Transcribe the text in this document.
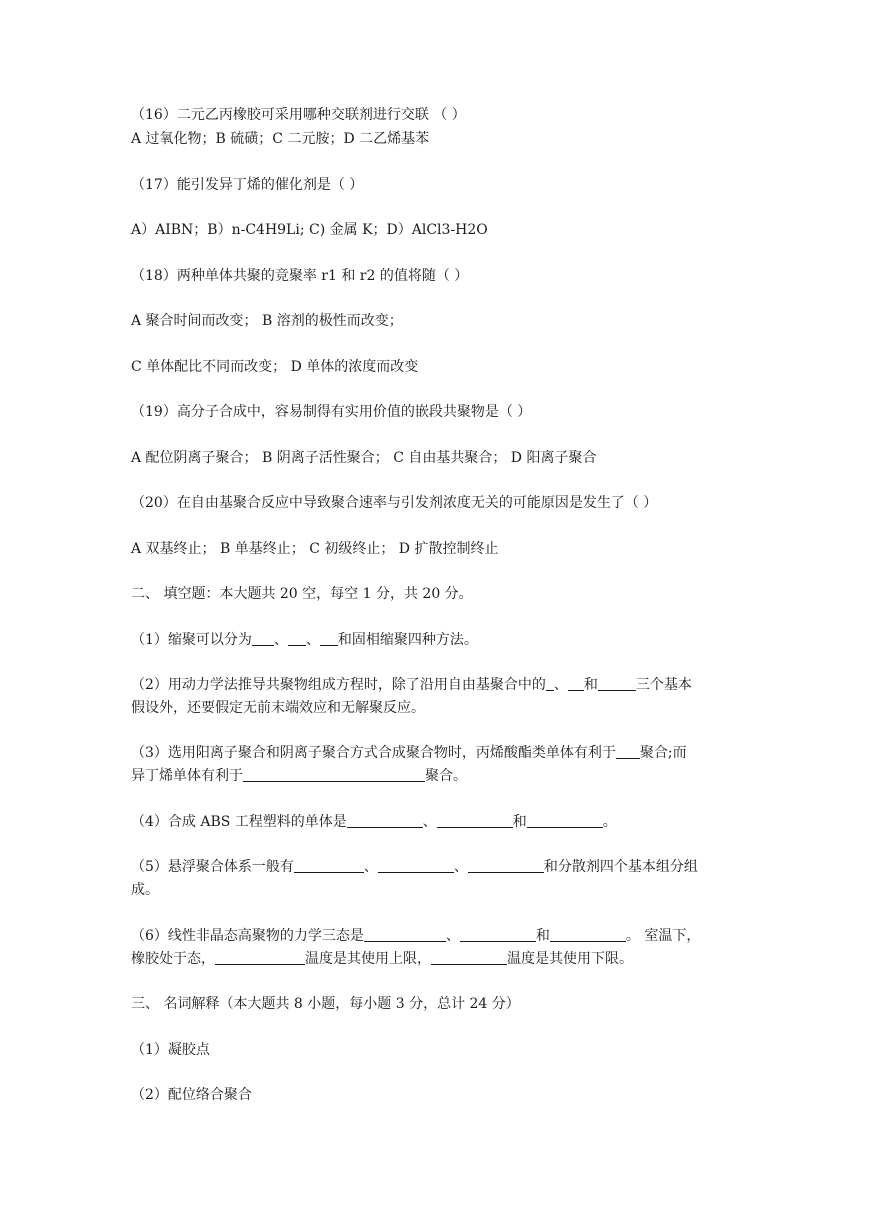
（16）二元乙丙橡胶可采用哪种交联剂进行交联 （ ）
A 过氧化物；B 硫磺；C 二元胺；D 二乙烯基苯
（17）能引发异丁烯的催化剂是（ ）
A）AIBN；B）n-C4H9Li; C) 金属 K；D）AlCl3-H2O
（18）两种单体共聚的竞聚率 r1 和 r2 的值将随（ ）
A 聚合时间而改变； B 溶剂的极性而改变；
C 单体配比不同而改变； D 单体的浓度而改变
（19）高分子合成中，容易制得有实用价值的嵌段共聚物是（ ）
A 配位阴离子聚合； B 阴离子活性聚合； C 自由基共聚合； D 阳离子聚合
（20）在自由基聚合反应中导致聚合速率与引发剂浓度无关的可能原因是发生了（ ）
A 双基终止； B 单基终止； C 初级终止； D 扩散控制终止
二、 填空题：本大题共 20 空，每空 1 分，共 20 分。
（1）缩聚可以分为 、 、 和固相缩聚四种方法。
（2）用动力学法推导共聚物组成方程时，除了沿用自由基聚合中的 、 和	三个基本
假设外，还要假定无前末端效应和无解聚反应。
（3）选用阳离子聚合和阴离子聚合方式合成聚合物时，丙烯酸酯类单体有利于 聚合;而
异丁烯单体有利于	聚合。
（4）合成 ABS 工程塑料的单体是	、	和	。
（5）悬浮聚合体系一般有	、	、	和分散剂四个基本组分组
成。
（6）线性非晶态高聚物的力学三态是	、	和	。 室温下，
橡胶处于态，	温度是其使用上限，	温度是其使用下限。
三、 名词解释（本大题共 8 小题，每小题 3 分，总计 24 分）
（1）凝胶点
（2）配位络合聚合
